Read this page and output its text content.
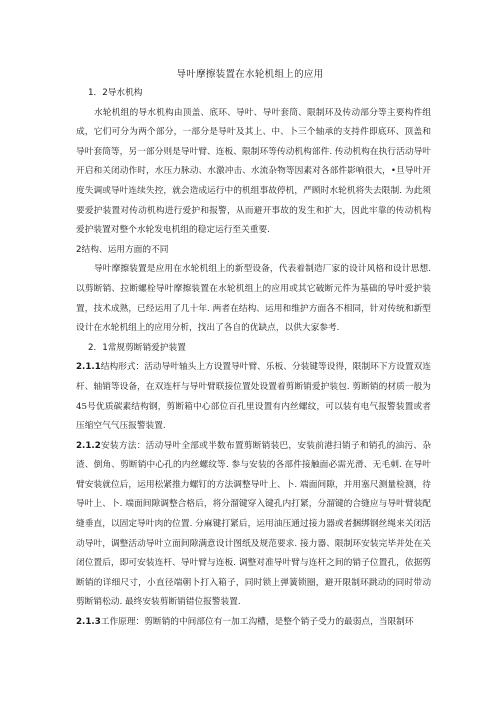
导叶摩擦装置在水轮机组上的应用

1．2导水机构

水轮机组的导水机构由顶盖、底环、导叶、导叶套筒、限制环及传动部分等主要构件组成，它们可分为两个部分，一部分是导叶及其上、中、卜三个轴承的支持件即底环、顶盖和导叶套筒等，另一部分则是导叶臂、连板、限制环等传动机构部件. 传动机构在执行活动导叶开启和关闭动作时，水压力脉动、水激冲击、水流杂物等因素对各部件影响很大，•旦导叶开度失调或导叶连续失控，就会造成运行中的机组事故停机，严顾时水轮机将失去限制. 为此须要爱护装置对传动机构进行爱护和报警，从而避开事故的发生和扩大，因此牢靠的传动机构爱护装置对整个水轮发电机组的稳定运行至关重要.

2结构、运用方面的不同

导叶摩擦装置是应用在水轮机组上的新型设备，代表着制造厂家的设计风格和设计思想. 以剪断销、拉断螺栓导叶摩擦装置在水轮机组上的应用或其它破断元件为基础的导叶爱护装置，技术成熟，已经运用了几十年. 两者在结构、运用和维护方面各不相同，针对传统和新型设计在水轮机组上的应用分析，找出了各自的优缺点，以供大家参考.

2．1常规剪断销爱护装置

2.1.1结构形式：活动导叶轴头上方设置导叶臂、乐板、分装键等设得，限制环下方设置双连杆、轴销等设备，在双连杆与导叶臂联接位置处设置着剪断销爱护装包. 剪断销的材质一般为45号优质碳素结构钢，剪断箱中心部位百孔里设置有内丝螺纹，可以装有电气报警装置或者压缩空气气压报警装置.

2.1.2安装方法：活动导叶全部或半数布置剪断销装巴，安装前港扫销子和销孔的油污、杂渣、倒角、剪断销中心孔的内丝螺纹等. 参与安装的各部件接触面必需光滑、无毛刺. 在导叶臂安装就位后，运用松紧推力螺钉的方法调整导叶上、卜. 端面间隙，并用塞尺测量检测，待导叶上、卜. 端面间隙调整合格后，将分溜键穿入键孔内打紧，分溜键的合缝应与导叶臂装配缝垂直，以固定导叶肉的位置. 分麻键打紧后，运用油压通过接力器或者捆绑钢丝绳来关闭活动导叶，调整活动导叶立面间隙满意设计图纸及规范要求. 接力器、限制环安装完毕并处在关闭位置后，即可安装连杆、导叶臂与连板. 调整对准导叶臂与连杆之间的销子位置孔，依据剪断销的详细尺寸，小直径端朝卜打入箱子，同时锁上弹簧锁圈，避开限制环跳动的同时带动剪断销松动. 最终安装剪断销错位报警装置.

2.1.3工作原理：剪断销的中间部位有一加工沟槽，是整个销子受力的最弱点，当限制环
